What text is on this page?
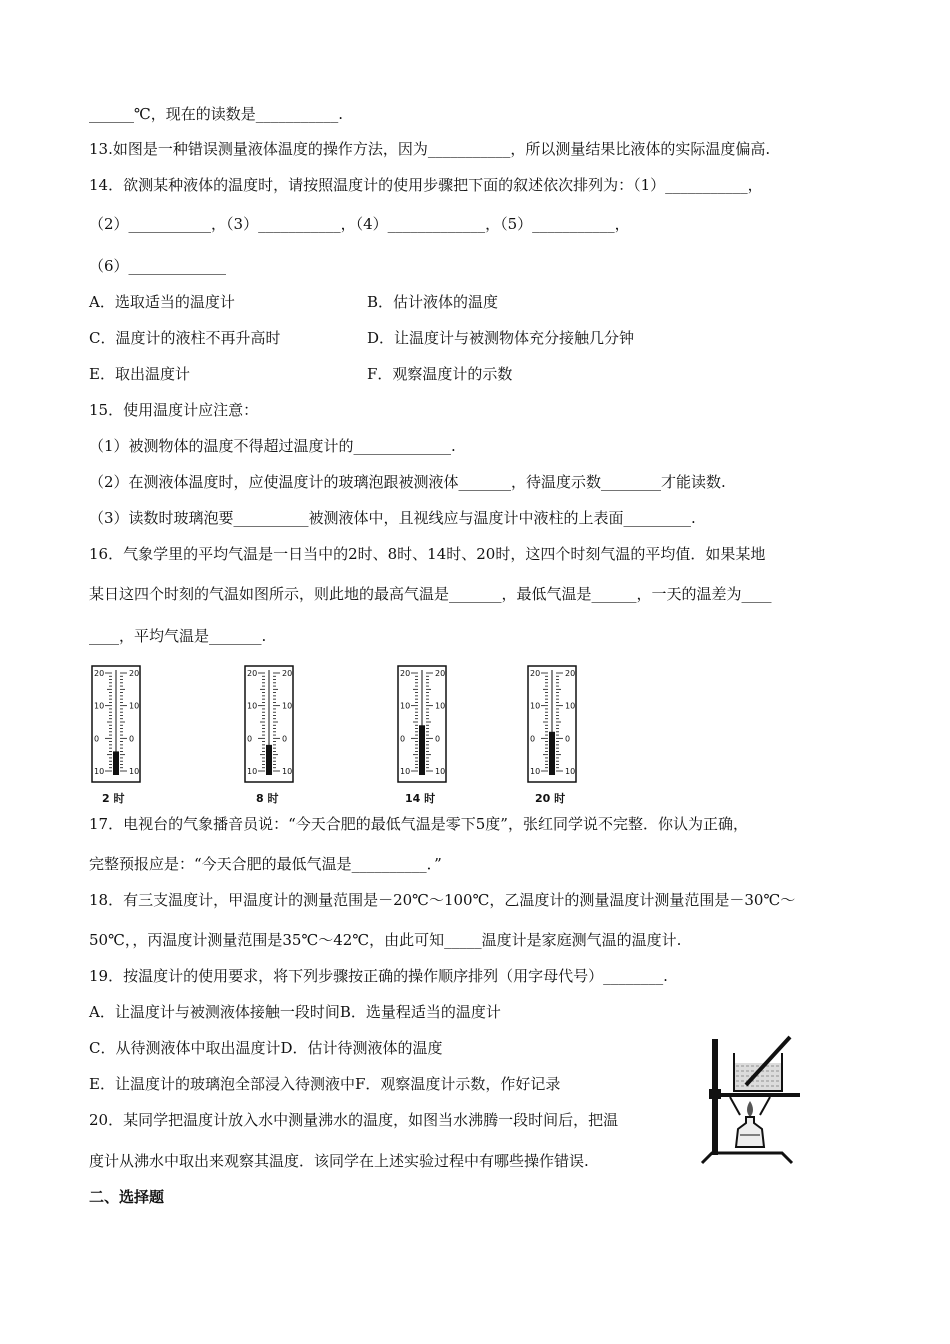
______℃，现在的读数是___________.
13.如图是一种错误测量液体温度的操作方法，因为___________，所以测量结果比液体的实际温度偏高.
14．欲测某种液体的温度时，请按照温度计的使用步骤把下面的叙述依次排列为：（1）___________，
（2）___________，（3）___________，（4）_____________，（5）___________，
（6）_____________
A．选取适当的温度计	B．估计液体的温度
C．温度计的液柱不再升高时	D．让温度计与被测物体充分接触几分钟
E．取出温度计	F．观察温度计的示数
15．使用温度计应注意：
（1）被测物体的温度不得超过温度计的_____________.
（2）在测液体温度时，应使温度计的玻璃泡跟被测液体_______，待温度示数________才能读数.
（3）读数时玻璃泡要__________被测液体中，且视线应与温度计中液柱的上表面_________.
16．气象学里的平均气温是一日当中的2时、8时、14时、20时，这四个时刻气温的平均值．如果某地
某日这四个时刻的气温如图所示，则此地的最高气温是_______，最低气温是______，一天的温差为____
____，平均气温是_______.
20	20
10	10
0	0
10	10
20	20
10	10
0	0
10	10
20	20
10	10
0	0
10	10
20	20
10	10
0	0
10	10
2 时	8 时	14 时	20 时
17．电视台的气象播音员说：“今天合肥的最低气温是零下5度”，张红同学说不完整．你认为正确，
完整预报应是：“今天合肥的最低气温是__________．”
18．有三支温度计，甲温度计的测量范围是－20℃～100℃，乙温度计的测量温度计测量范围是－30℃～
50℃，，丙温度计测量范围是35℃～42℃，由此可知_____温度计是家庭测气温的温度计.
19．按温度计的使用要求，将下列步骤按正确的操作顺序排列（用字母代号）________.
A．让温度计与被测液体接触一段时间B．选量程适当的温度计
C．从待测液体中取出温度计D．估计待测液体的温度
E．让温度计的玻璃泡全部浸入待测液中F．观察温度计示数，作好记录
20．某同学把温度计放入水中测量沸水的温度，如图当水沸腾一段时间后，把温
度计从沸水中取出来观察其温度．该同学在上述实验过程中有哪些操作错误.
二、选择题
